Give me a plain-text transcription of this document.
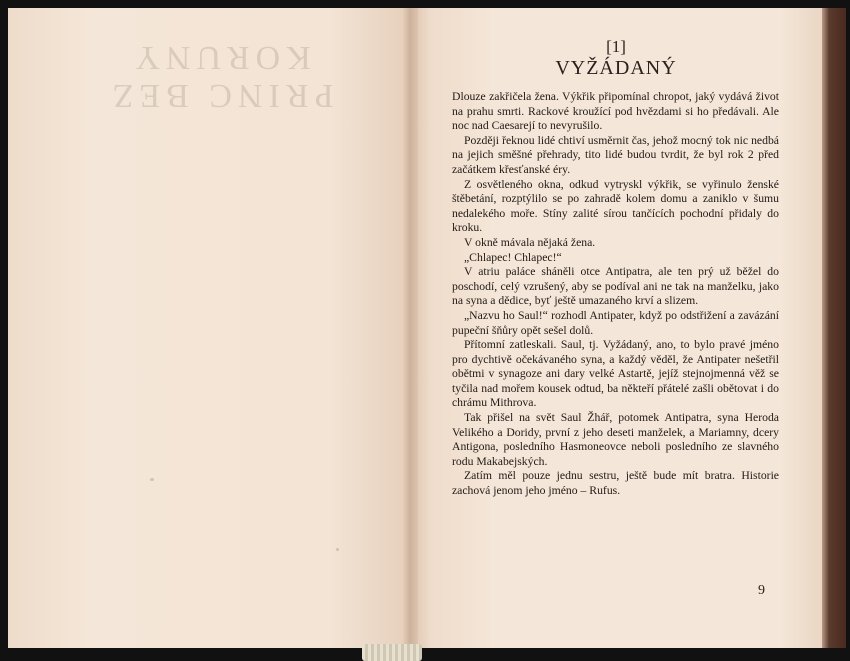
PRINC BEZ KORUNY	[1]
VYŽÁDANÝ

Dlouze zakřičela žena. Výkřik připomínal chropot, jaký vydává život na prahu smrti. Rackové kroužící pod hvězdami si ho předávali. Ale noc nad Caesarejí to nevyrušilo.

Později řeknou lidé chtiví usměrnit čas, jehož mocný tok nic nedbá na jejich směšné přehrady, tito lidé budou tvrdit, že byl rok 2 před začátkem křesťanské éry.

Z osvětleného okna, odkud vytryskl výkřik, se vyřinulo ženské štěbetání, rozptýlilo se po zahradě kolem domu a zaniklo v šumu nedalekého moře. Stíny zalité sírou tančících pochodní přidaly do kroku.

V okně mávala nějaká žena.

„Chlapec! Chlapec!“

V atriu paláce sháněli otce Antipatra, ale ten prý už běžel do poschodí, celý vzrušený, aby se podíval ani ne tak na manželku, jako na syna a dědice, byť ještě umazaného krví a slizem.

„Nazvu ho Saul!“ rozhodl Antipater, když po odstřižení a zavázání pupeční šňůry opět sešel dolů.

Přítomní zatleskali. Saul, tj. Vyžádaný, ano, to bylo pravé jméno pro dychtivě očekávaného syna, a každý věděl, že Antipater nešetřil obětmi v synagoze ani dary velké Astartě, jejíž stejnojmenná věž se tyčila nad mořem kousek odtud, ba někteří přátelé zašli obětovat i do chrámu Mithrova.

Tak přišel na svět Saul Žhář, potomek Antipatra, syna Heroda Velikého a Doridy, první z jeho deseti manželek, a Mariamny, dcery Antigona, posledního Hasmoneovce neboli posledního ze slavného rodu Makabejských.

Zatím měl pouze jednu sestru, ještě bude mít bratra. Historie zachová jenom jeho jméno – Rufus.

9
